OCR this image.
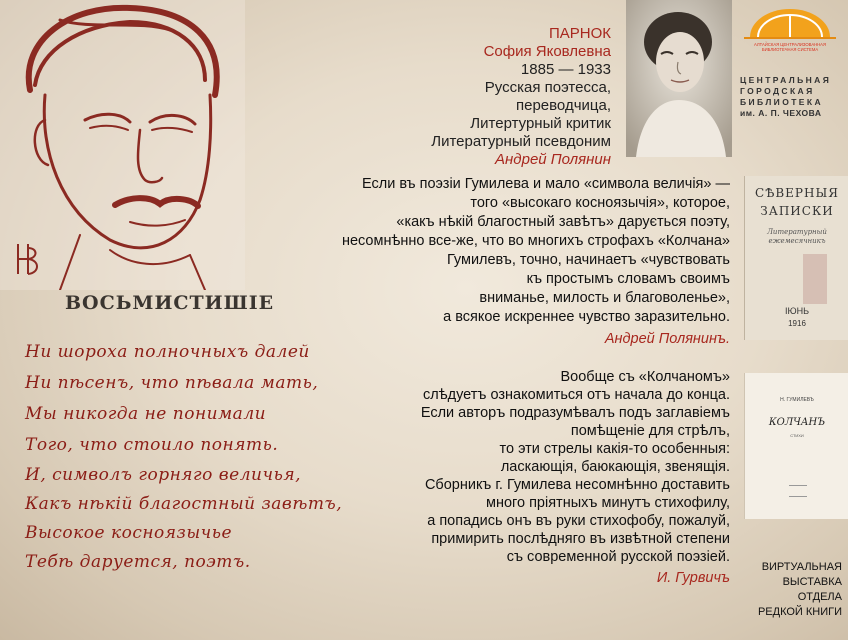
ВОСЬМИСТИШІЕ
Ни шороха полночныхъ далей
Ни пѣсенъ, что пѣвала мать,
Мы никогда не понимали
Того, что стоило понять.
И, символъ горняго величья,
Какъ нѣкій благостный завѣтъ,
Высокое косноязычье
Тебѣ даруется, поэтъ.
ПАРНОК
София Яковлевна
1885 — 1933
Русская поэтесса,
переводчица,
Литертурный критик
Литературный псевдоним
Андрей Полянин
АЛТАЙСКАЯ ЦЕНТРАЛИЗОВАННАЯ
БИБЛИОТЕЧНАЯ СИСТЕМА
ЦЕНТРАЛЬНАЯ
ГОРОДСКАЯ
БИБЛИОТЕКА
им. А. П. ЧЕХОВА
Если въ поэзіи Гумилева и мало «символа величія» —
того «высокаго косноязычія», которое,
«какъ нѣкій благостный завѣтъ» дарується поэту,
несомнѣнно все-же, что во многихъ строфахъ «Колчана»
Гумилевъ, точно, начинаетъ «чувствовать
къ простымъ словамъ своимъ
вниманье, милость и благоволенье»,
а всякое искреннее чувство заразительно.
Андрей Полянинъ.
Вообще съ «Колчаномъ»
слѣдуетъ ознакомиться отъ начала до конца.
Если авторъ подразумѣвалъ подъ заглавіемъ
помѣщеніе для стрѣлъ,
то эти стрелы какія-то особенныя:
ласкающія, баюкающія, звенящія.
Сборникъ г. Гумилева несомнѣнно доставить
много пріятныхъ минутъ стихофилу,
а попадись онъ въ руки стихофобу, пожалуй,
примирить послѣдняго въ извѣтной степени
съ современной русской поэзіей.
И. Гурвичъ
СѢВЕРНЫЯ
ЗАПИСКИ
Литературный ежемесячникъ
ІЮНЬ
1916
Н. ГУМИЛЕВЪ
КОЛЧАНЪ
СТИХИ
ВИРТУАЛЬНАЯ
ВЫСТАВКА
ОТДЕЛА
РЕДКОЙ КНИГИ
